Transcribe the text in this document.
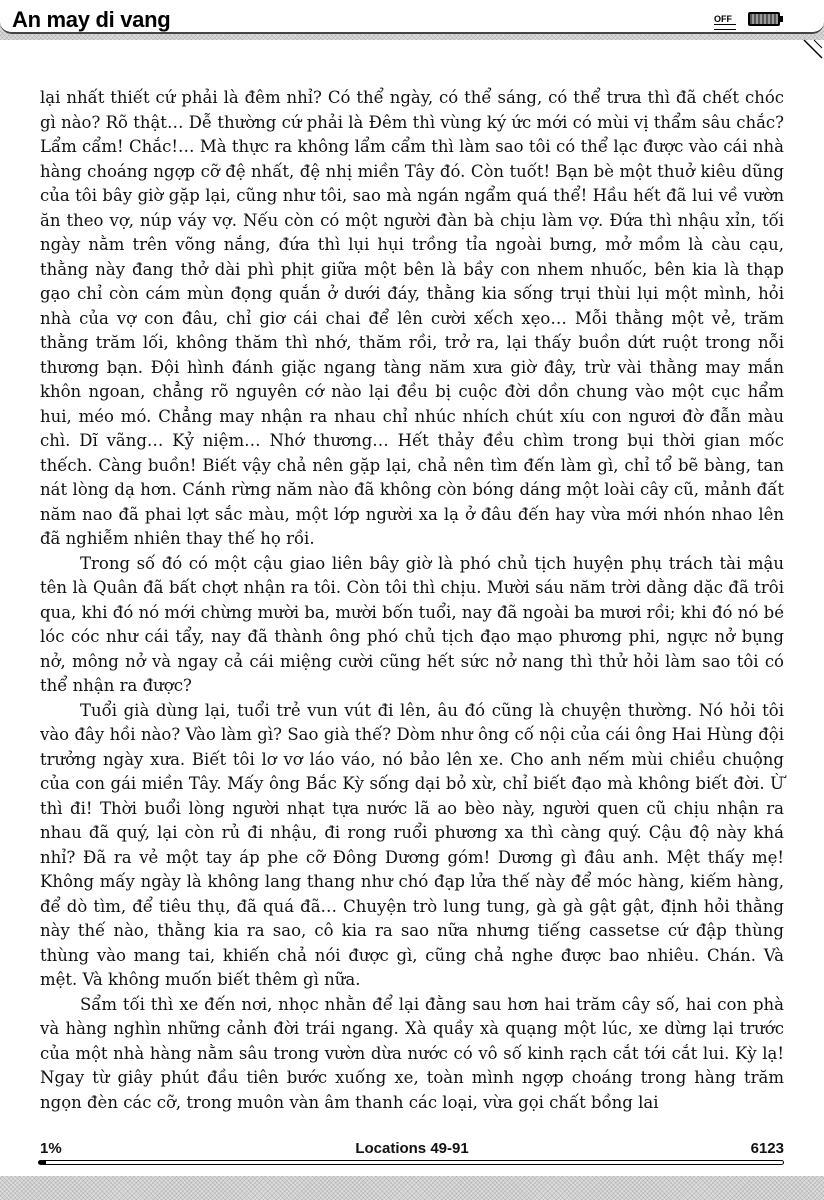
An may di vang	OFF

lại nhất thiết cứ phải là đêm nhỉ? Có thể ngày, có thể sáng, có thể trưa thì đã chết chóc gì nào? Rõ thật… Dễ thường cứ phải là Đêm thì vùng ký ức mới có mùi vị thẩm sâu chắc? Lẩm cẩm! Chắc!… Mà thực ra không lẩm cẩm thì làm sao tôi có thể lạc được vào cái nhà hàng choáng ngợp cỡ đệ nhất, đệ nhị miền Tây đó. Còn tuốt! Bạn bè một thuở kiêu dũng của tôi bây giờ gặp lại, cũng như tôi, sao mà ngán ngẩm quá thể! Hầu hết đã lui về vườn ăn theo vợ, núp váy vợ. Nếu còn có một người đàn bà chịu làm vợ. Đứa thì nhậu xỉn, tối ngày nằm trên võng nắng, đứa thì lụi hụi trồng tỉa ngoài bưng, mở mồm là càu cạu, thằng này đang thở dài phì phịt giữa một bên là bầy con nhem nhuốc, bên kia là thạp gạo chỉ còn cám mùn đọng quắn ở dưới đáy, thằng kia sống trụi thùi lụi một mình, hỏi nhà của vợ con đâu, chỉ giơ cái chai để lên cười xếch xẹo… Mỗi thằng một vẻ, trăm thằng trăm lối, không thăm thì nhớ, thăm rồi, trở ra, lại thấy buồn dứt ruột trong nỗi thương bạn. Đội hình đánh giặc ngang tàng năm xưa giờ đây, trừ vài thằng may mắn khôn ngoan, chẳng rõ nguyên cớ nào lại đều bị cuộc đời dồn chung vào một cục hẩm hui, méo mó. Chẳng may nhận ra nhau chỉ nhúc nhích chút xíu con ngươi đờ đẫn màu chì. Dĩ vãng… Kỷ niệm… Nhớ thương… Hết thảy đều chìm trong bụi thời gian mốc thếch. Càng buồn! Biết vậy chả nên gặp lại, chả nên tìm đến làm gì, chỉ tổ bẽ bàng, tan nát lòng dạ hơn. Cánh rừng năm nào đã không còn bóng dáng một loài cây cũ, mảnh đất năm nao đã phai lợt sắc màu, một lớp người xa lạ ở đâu đến hay vừa mới nhón nhao lên đã nghiễm nhiên thay thế họ rồi.

Trong số đó có một cậu giao liên bây giờ là phó chủ tịch huyện phụ trách tài mậu tên là Quân đã bất chợt nhận ra tôi. Còn tôi thì chịu. Mười sáu năm trời dằng dặc đã trôi qua, khi đó nó mới chừng mười ba, mười bốn tuổi, nay đã ngoài ba mươi rồi; khi đó nó bé lóc cóc như cái tẩy, nay đã thành ông phó chủ tịch đạo mạo phương phi, ngực nở bụng nở, mông nở và ngay cả cái miệng cười cũng hết sức nở nang thì thử hỏi làm sao tôi có thể nhận ra được?

Tuổi già dùng lại, tuổi trẻ vun vút đi lên, âu đó cũng là chuyện thường. Nó hỏi tôi vào đây hồi nào? Vào làm gì? Sao già thế? Dòm như ông cố nội của cái ông Hai Hùng đội trưởng ngày xưa. Biết tôi lơ vơ láo váo, nó bảo lên xe. Cho anh nếm mùi chiều chuộng của con gái miền Tây. Mấy ông Bắc Kỳ sống dại bỏ xừ, chỉ biết đạo mà không biết đời. Ừ thì đi! Thời buổi lòng người nhạt tựa nước lã ao bèo này, người quen cũ chịu nhận ra nhau đã quý, lại còn rủ đi nhậu, đi rong ruổi phương xa thì càng quý. Cậu độ này khá nhỉ? Đã ra vẻ một tay áp phe cỡ Đông Dương góm! Dương gì đâu anh. Mệt thấy mẹ! Không mấy ngày là không lang thang như chó đạp lửa thế này để móc hàng, kiếm hàng, để dò tìm, để tiêu thụ, đã quá đã… Chuyện trò lung tung, gà gà gật gật, định hỏi thằng này thế nào, thằng kia ra sao, cô kia ra sao nữa nhưng tiếng cassetse cứ đập thùng thùng vào mang tai, khiến chả nói được gì, cũng chả nghe được bao nhiêu. Chán. Và mệt. Và không muốn biết thêm gì nữa.

Sẩm tối thì xe đến nơi, nhọc nhằn để lại đằng sau hơn hai trăm cây số, hai con phà và hàng nghìn những cảnh đời trái ngang. Xà quầy xà quạng một lúc, xe dừng lại trước của một nhà hàng nằm sâu trong vườn dừa nước có vô số kinh rạch cắt tới cắt lui. Kỳ lạ! Ngay từ giây phút đầu tiên bước xuống xe, toàn mình ngợp choáng trong hàng trăm ngọn đèn các cỡ, trong muôn vàn âm thanh các loại, vừa gọi chất bồng lai

1%	Locations 49-91	6123
